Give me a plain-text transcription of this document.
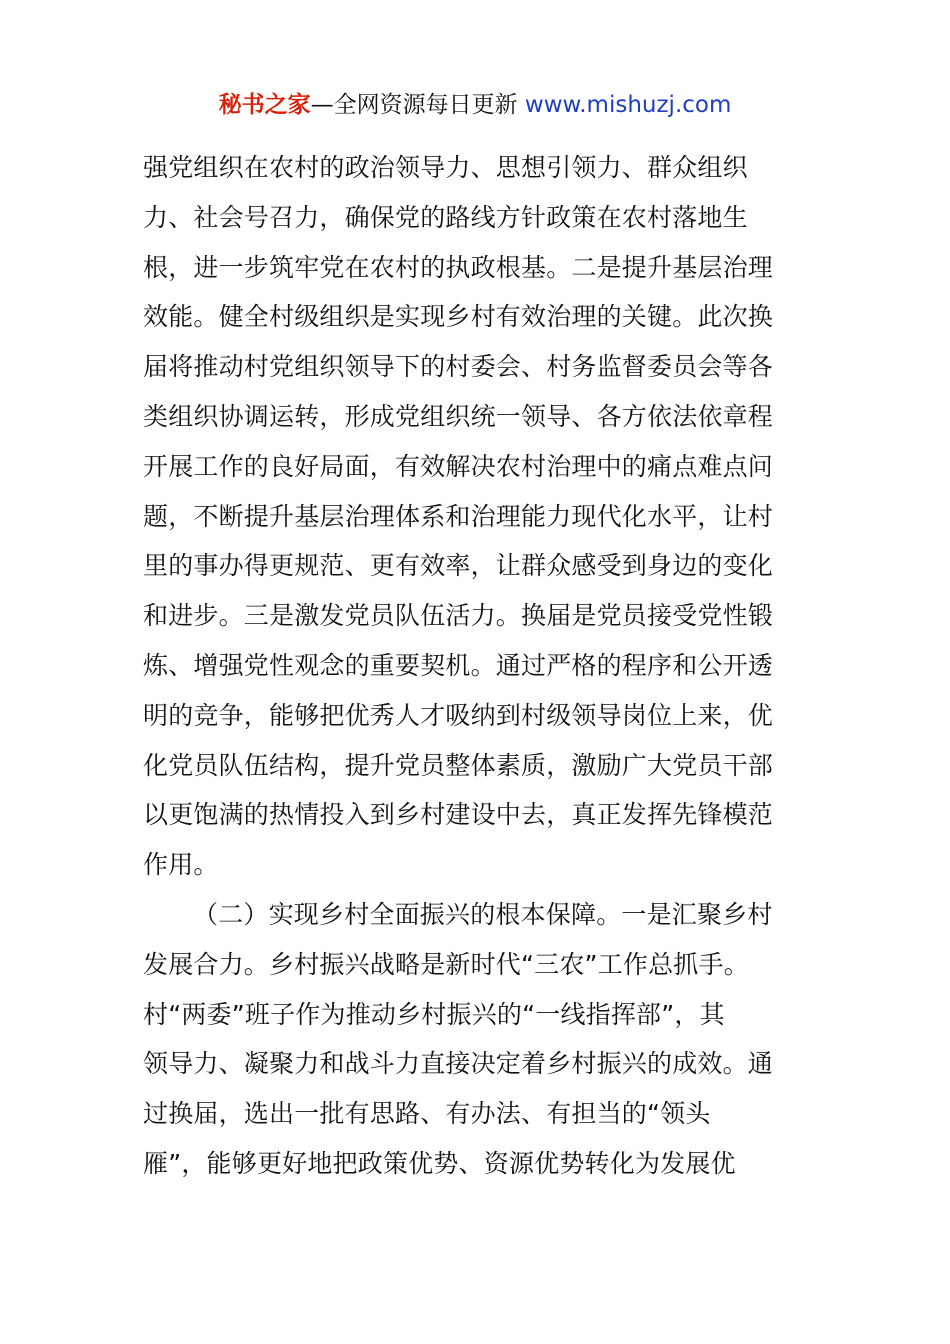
秘书之家—全网资源每日更新 www.mishuzj.com
强党组织在农村的政治领导力、思想引领力、群众组织
力、社会号召力，确保党的路线方针政策在农村落地生
根，进一步筑牢党在农村的执政根基。二是提升基层治理
效能。健全村级组织是实现乡村有效治理的关键。此次换
届将推动村党组织领导下的村委会、村务监督委员会等各
类组织协调运转，形成党组织统一领导、各方依法依章程
开展工作的良好局面，有效解决农村治理中的痛点难点问
题，不断提升基层治理体系和治理能力现代化水平，让村
里的事办得更规范、更有效率，让群众感受到身边的变化
和进步。三是激发党员队伍活力。换届是党员接受党性锻
炼、增强党性观念的重要契机。通过严格的程序和公开透
明的竞争，能够把优秀人才吸纳到村级领导岗位上来，优
化党员队伍结构，提升党员整体素质，激励广大党员干部
以更饱满的热情投入到乡村建设中去，真正发挥先锋模范
作用。
（二）实现乡村全面振兴的根本保障。一是汇聚乡村
发展合力。乡村振兴战略是新时代“三农”工作总抓手。
村“两委”班子作为推动乡村振兴的“一线指挥部”，其
领导力、凝聚力和战斗力直接决定着乡村振兴的成效。通
过换届，选出一批有思路、有办法、有担当的“领头
雁”，能够更好地把政策优势、资源优势转化为发展优
